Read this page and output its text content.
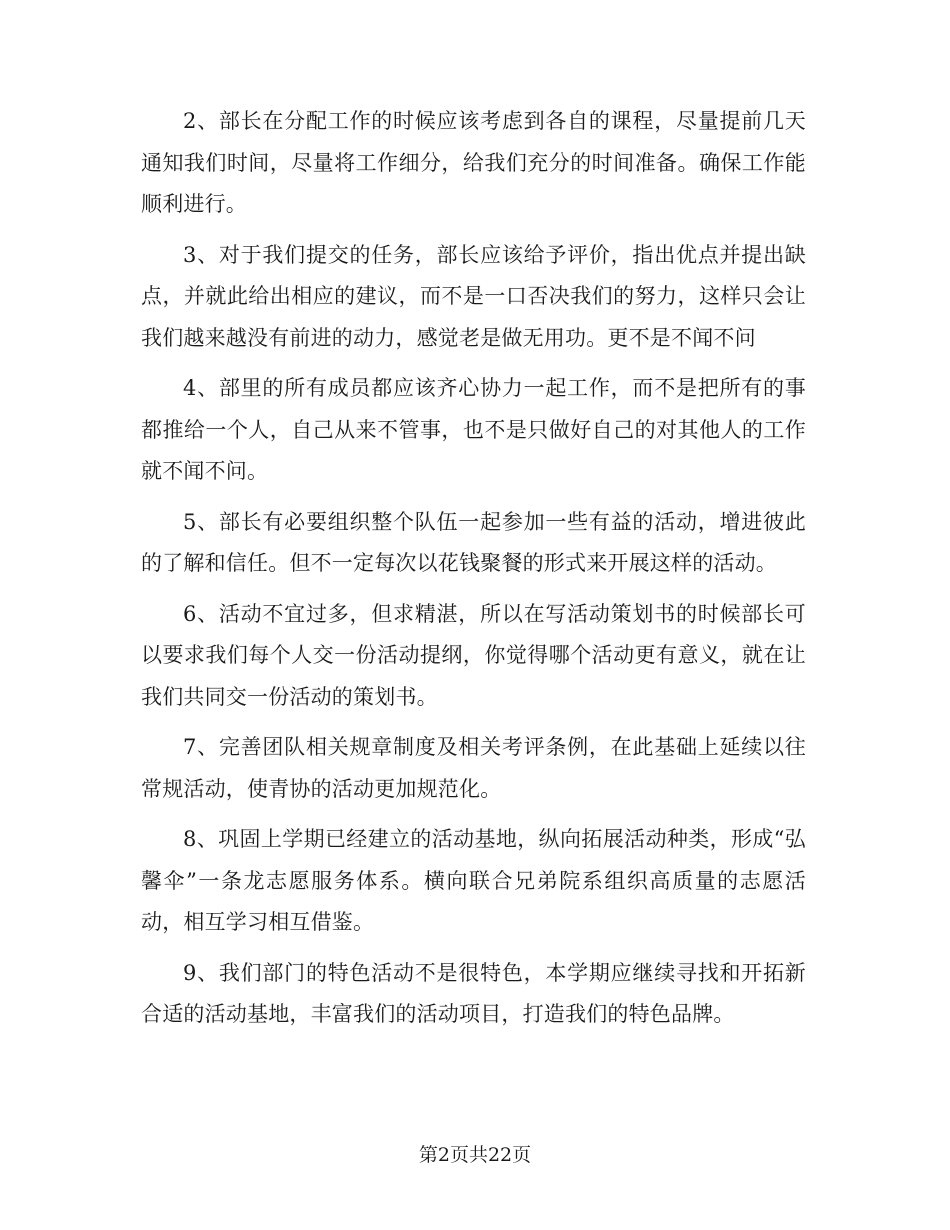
2、部长在分配工作的时候应该考虑到各自的课程，尽量提前几天通知我们时间，尽量将工作细分，给我们充分的时间准备。确保工作能顺利进行。

3、对于我们提交的任务，部长应该给予评价，指出优点并提出缺点，并就此给出相应的建议，而不是一口否决我们的努力，这样只会让我们越来越没有前进的动力，感觉老是做无用功。更不是不闻不问

4、部里的所有成员都应该齐心协力一起工作，而不是把所有的事都推给一个人，自己从来不管事，也不是只做好自己的对其他人的工作就不闻不问。

5、部长有必要组织整个队伍一起参加一些有益的活动，增进彼此的了解和信任。但不一定每次以花钱聚餐的形式来开展这样的活动。

6、活动不宜过多，但求精湛，所以在写活动策划书的时候部长可以要求我们每个人交一份活动提纲，你觉得哪个活动更有意义，就在让我们共同交一份活动的策划书。

7、完善团队相关规章制度及相关考评条例，在此基础上延续以往常规活动，使青协的活动更加规范化。

8、巩固上学期已经建立的活动基地，纵向拓展活动种类，形成“弘馨伞”一条龙志愿服务体系。横向联合兄弟院系组织高质量的志愿活动，相互学习相互借鉴。

9、我们部门的特色活动不是很特色，本学期应继续寻找和开拓新合适的活动基地，丰富我们的活动项目，打造我们的特色品牌。

第2页共22页
